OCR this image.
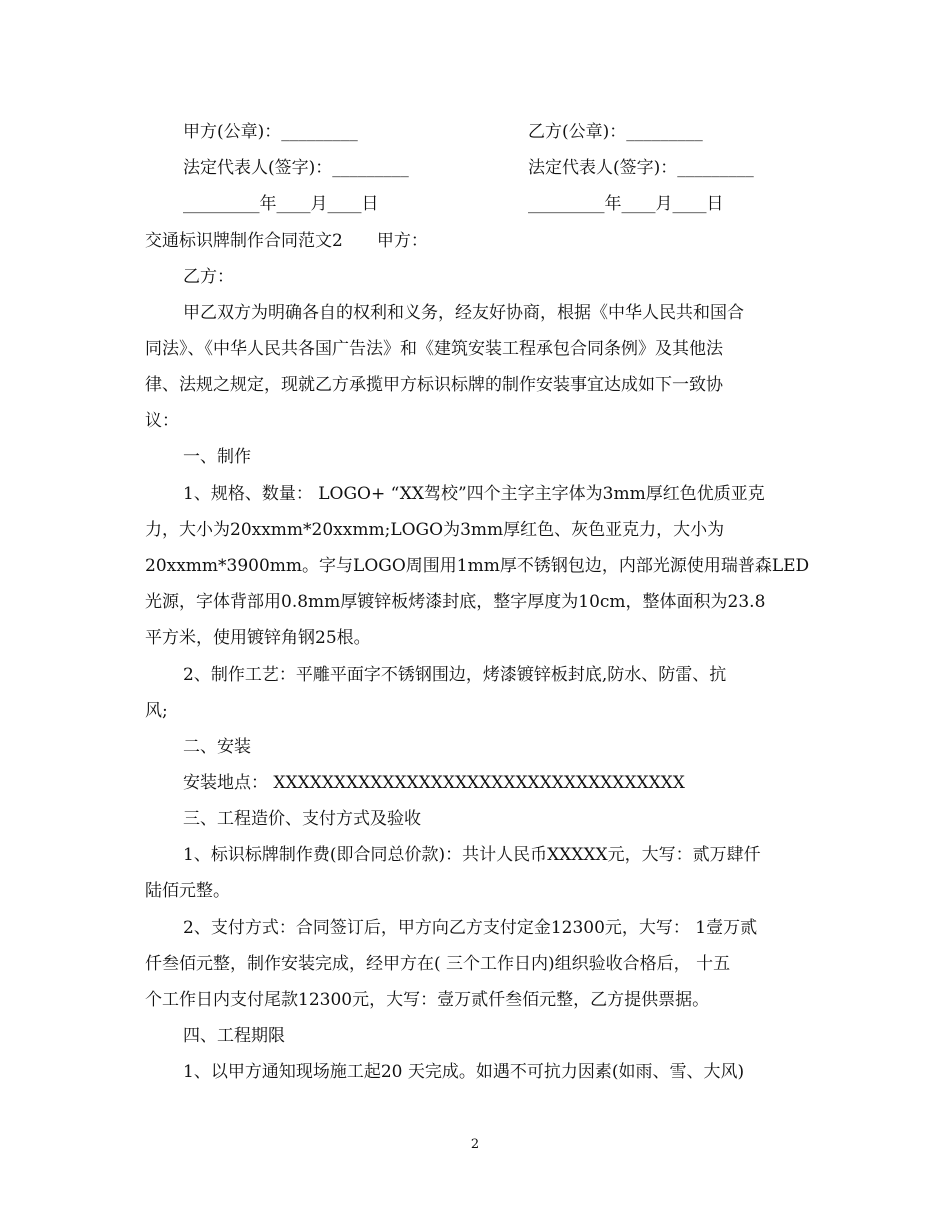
甲方(公章)：_________	乙方(公章)：_________
法定代表人(签字)：_________	法定代表人(签字)：_________
_________年____月____日	_________年____月____日
交通标识牌制作合同范文2　　甲方：
乙方：
甲乙双方为明确各自的权利和义务，经友好协商，根据《中华人民共和国合
同法》、《中华人民共各国广告法》和《建筑安装工程承包合同条例》及其他法
律、法规之规定，现就乙方承揽甲方标识标牌的制作安装事宜达成如下一致协
议：
一、制作
1、规格、数量： LOGO+ “XX驾校”四个主字主字体为3mm厚红色优质亚克
力，大小为20xxmm*20xxmm;LOGO为3mm厚红色、灰色亚克力，大小为
20xxmm*3900mm。字与LOGO周围用1mm厚不锈钢包边，内部光源使用瑞普森LED
光源，字体背部用0.8mm厚镀锌板烤漆封底，整字厚度为10cm，整体面积为23.8
平方米，使用镀锌角钢25根。
2、制作工艺：平雕平面字不锈钢围边，烤漆镀锌板封底,防水、防雷、抗
风;
二、安装
安装地点： XXXXXXXXXXXXXXXXXXXXXXXXXXXXXXXXXX
三、工程造价、支付方式及验收
1、标识标牌制作费(即合同总价款)：共计人民币XXXXX元，大写：贰万肆仟
陆佰元整。
2、支付方式：合同签订后，甲方向乙方支付定金12300元，大写： 1壹万贰
仟叁佰元整，制作安装完成，经甲方在( 三个工作日内)组织验收合格后， 十五
个工作日内支付尾款12300元，大写：壹万贰仟叁佰元整，乙方提供票据。
四、工程期限
1、以甲方通知现场施工起20 天完成。如遇不可抗力因素(如雨、雪、大风)
2
